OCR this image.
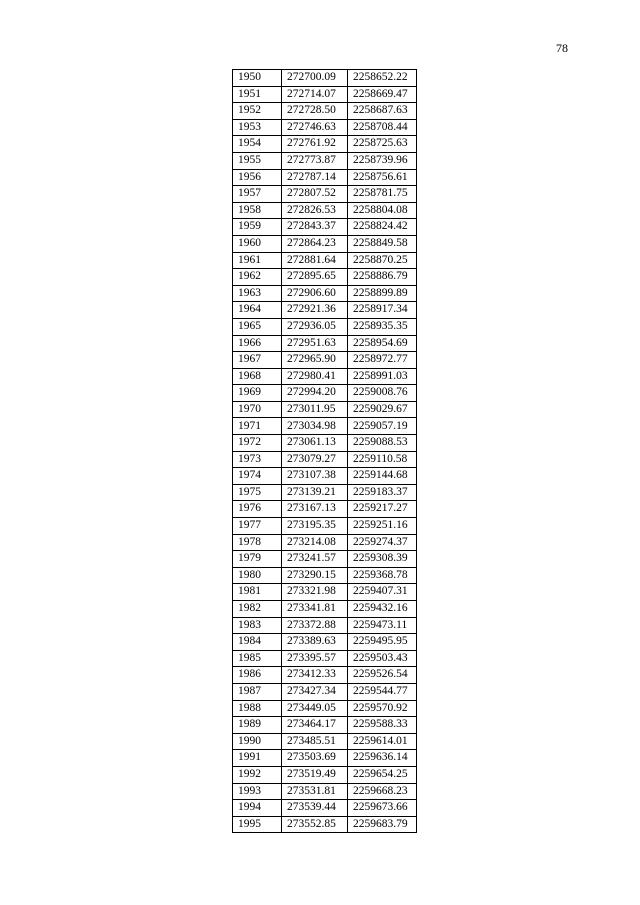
78
1950	272700.09	2258652.22
1951	272714.07	2258669.47
1952	272728.50	2258687.63
1953	272746.63	2258708.44
1954	272761.92	2258725.63
1955	272773.87	2258739.96
1956	272787.14	2258756.61
1957	272807.52	2258781.75
1958	272826.53	2258804.08
1959	272843.37	2258824.42
1960	272864.23	2258849.58
1961	272881.64	2258870.25
1962	272895.65	2258886.79
1963	272906.60	2258899.89
1964	272921.36	2258917.34
1965	272936.05	2258935.35
1966	272951.63	2258954.69
1967	272965.90	2258972.77
1968	272980.41	2258991.03
1969	272994.20	2259008.76
1970	273011.95	2259029.67
1971	273034.98	2259057.19
1972	273061.13	2259088.53
1973	273079.27	2259110.58
1974	273107.38	2259144.68
1975	273139.21	2259183.37
1976	273167.13	2259217.27
1977	273195.35	2259251.16
1978	273214.08	2259274.37
1979	273241.57	2259308.39
1980	273290.15	2259368.78
1981	273321.98	2259407.31
1982	273341.81	2259432.16
1983	273372.88	2259473.11
1984	273389.63	2259495.95
1985	273395.57	2259503.43
1986	273412.33	2259526.54
1987	273427.34	2259544.77
1988	273449.05	2259570.92
1989	273464.17	2259588.33
1990	273485.51	2259614.01
1991	273503.69	2259636.14
1992	273519.49	2259654.25
1993	273531.81	2259668.23
1994	273539.44	2259673.66
1995	273552.85	2259683.79
